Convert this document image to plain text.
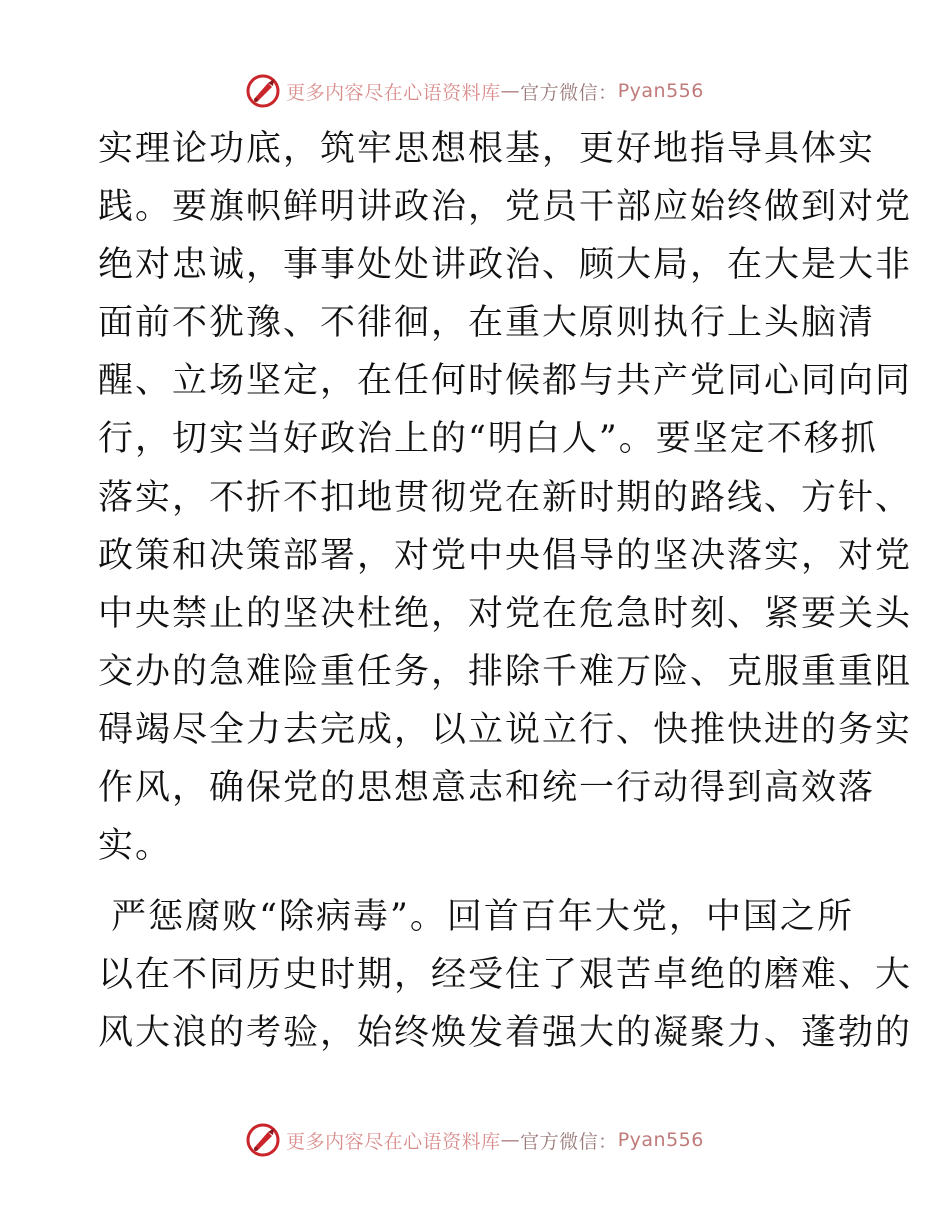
更多内容尽在心语资料库 — 官方微信： Pyan556

实理论功底，筑牢思想根基，更好地指导具体实
践。要旗帜鲜明讲政治，党员干部应始终做到对党
绝对忠诚，事事处处讲政治、顾大局，在大是大非
面前不犹豫、不徘徊，在重大原则执行上头脑清
醒、立场坚定，在任何时候都与共产党同心同向同
行，切实当好政治上的“明白人”。要坚定不移抓
落实，不折不扣地贯彻党在新时期的路线、方针、
政策和决策部署，对党中央倡导的坚决落实，对党
中央禁止的坚决杜绝，对党在危急时刻、紧要关头
交办的急难险重任务，排除千难万险、克服重重阻
碍竭尽全力去完成，以立说立行、快推快进的务实
作风，确保党的思想意志和统一行动得到高效落
实。

严惩腐败“除病毒”。回首百年大党，中国之所
以在不同历史时期，经受住了艰苦卓绝的磨难、大
风大浪的考验，始终焕发着强大的凝聚力、蓬勃的

更多内容尽在心语资料库 — 官方微信： Pyan556
